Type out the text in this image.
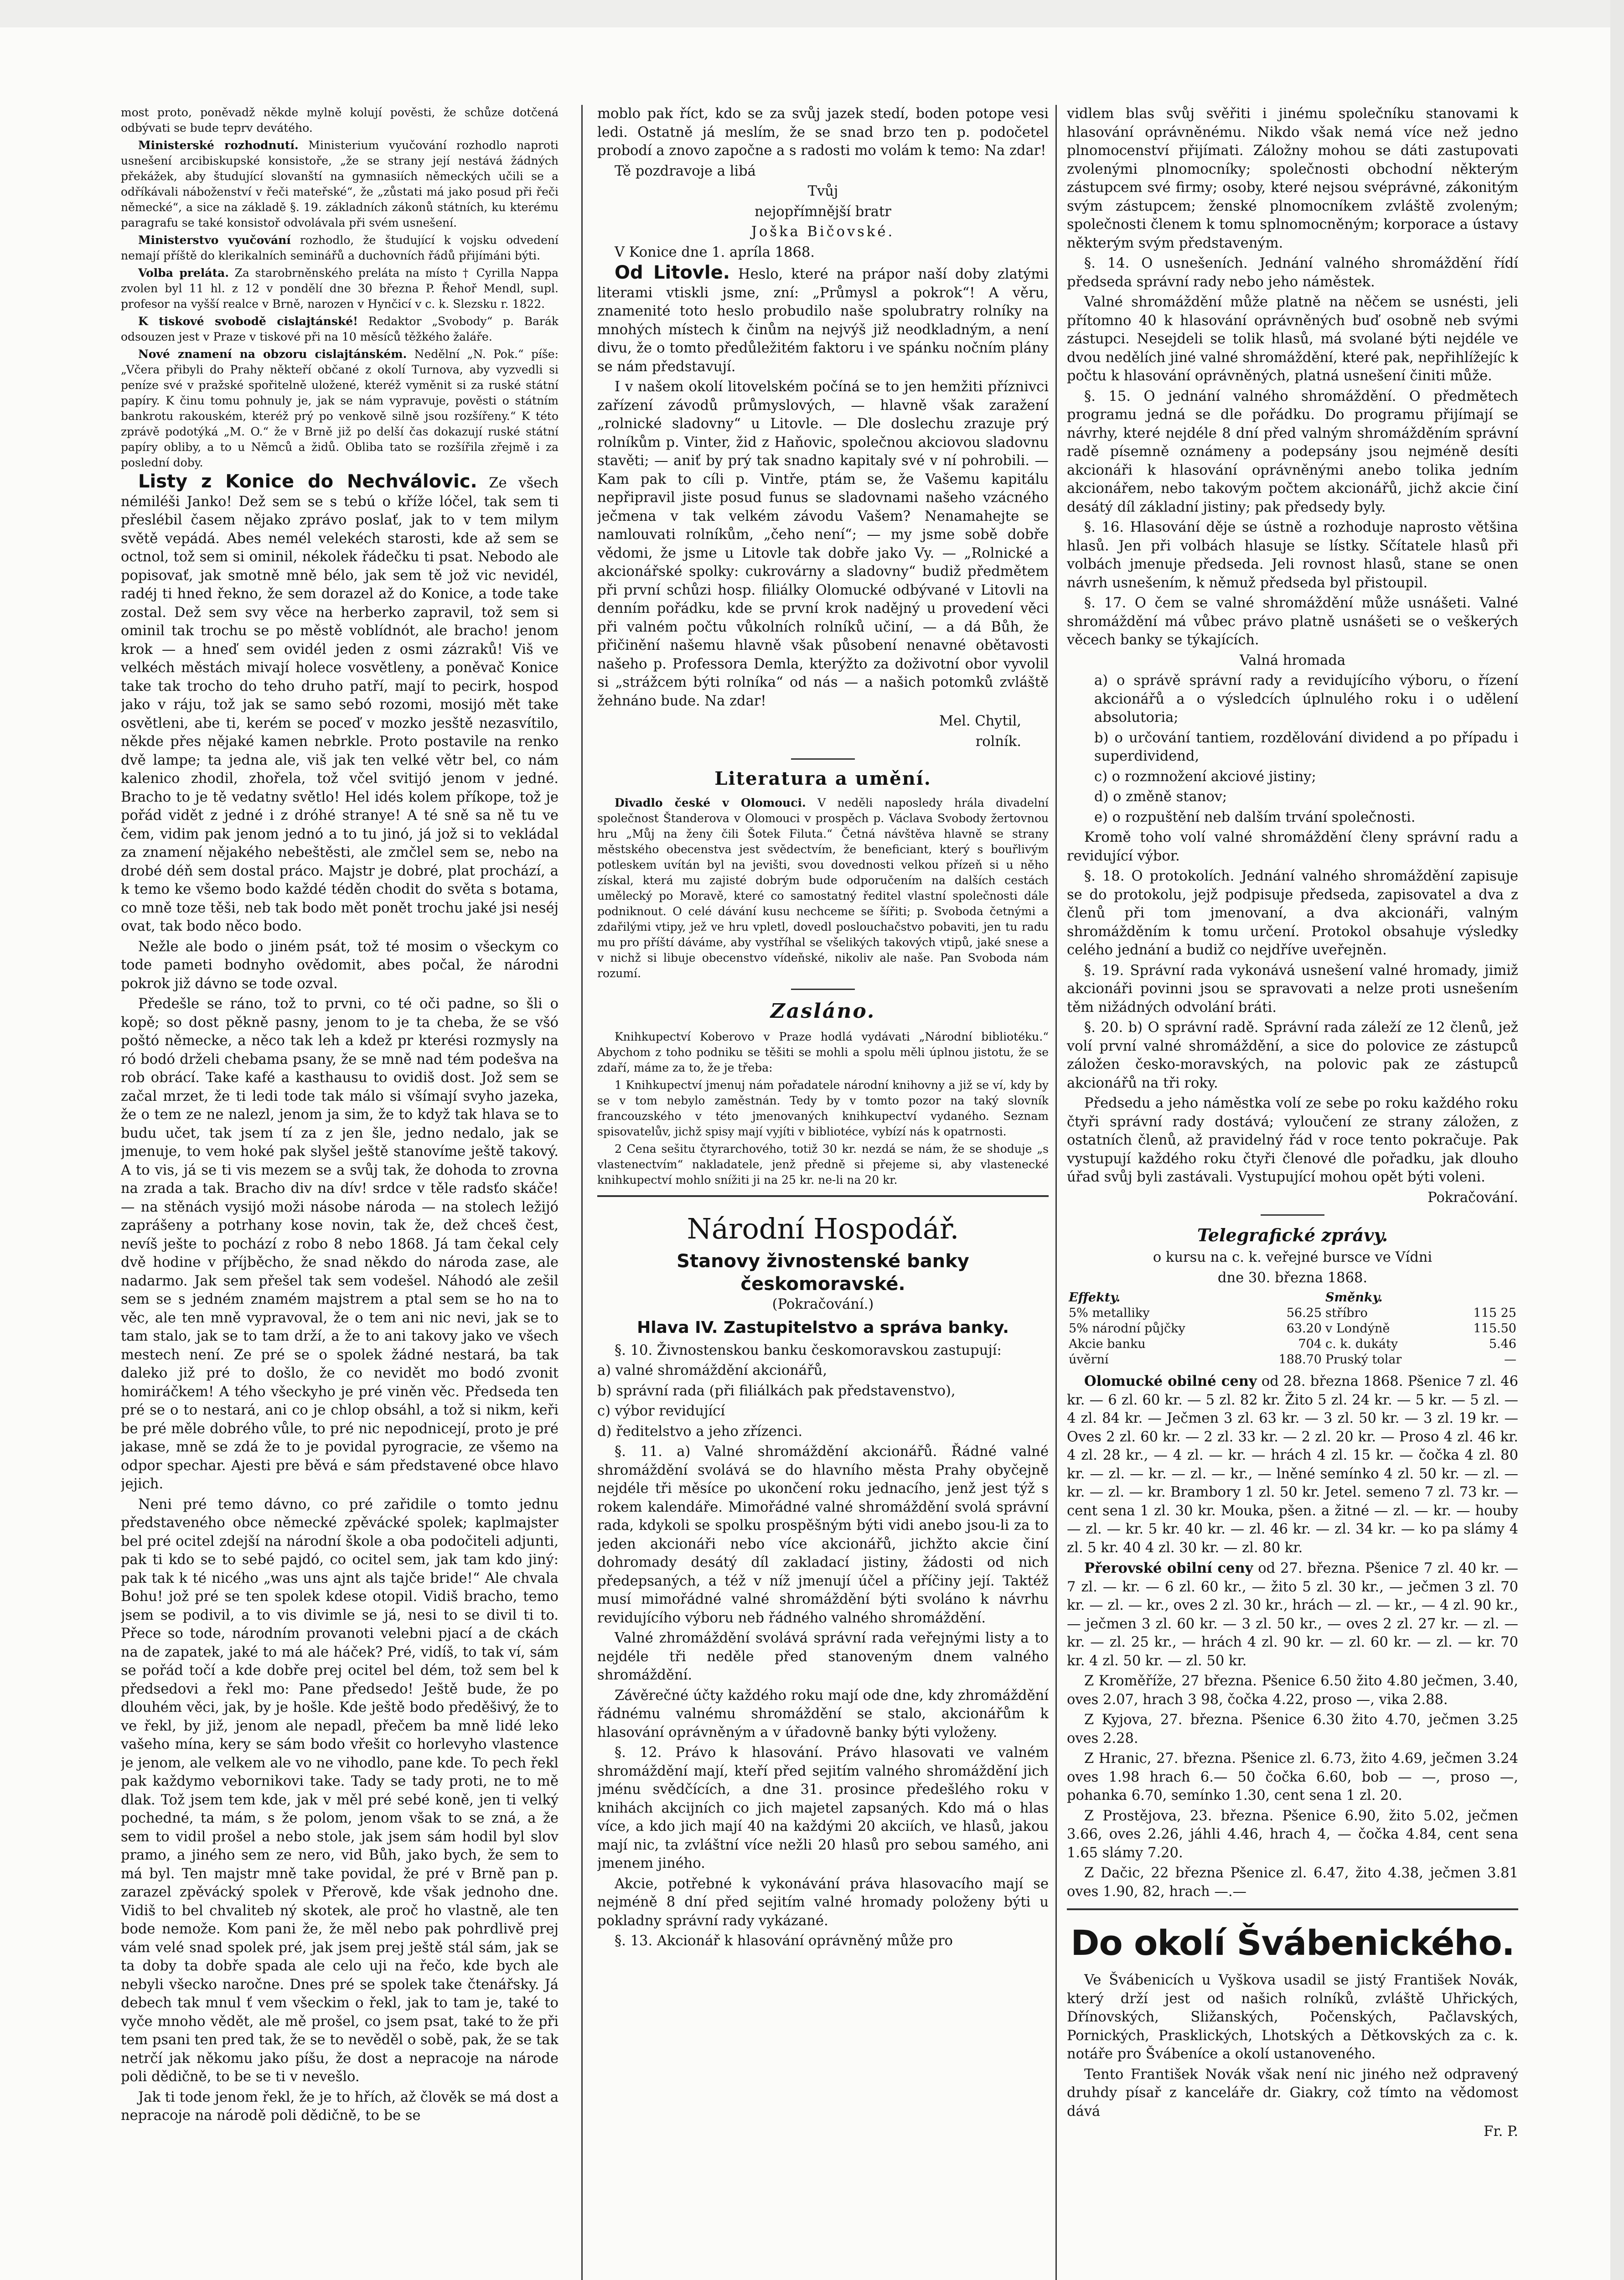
most proto, poněvadž někde mylně kolují pověsti, že schůze dotčená odbývati se bude teprv devátého.

Ministerské rozhodnutí. Ministerium vyučování rozhodlo naproti usnešení arcibiskupské konsistoře, „že se strany její nestává žádných překážek, aby študující slovanští na gymnasiích německých učili se a odříkávali náboženství v řeči mateřské“, že „zůstati má jako posud při řeči německé“, a sice na základě §. 19. základních zákonů státních, ku kterému paragrafu se také konsistoř odvolávala při svém usnešení.

Ministerstvo vyučování rozhodlo, že študující k vojsku odvedení nemají příště do klerikalních seminářů a duchovních řádů přijímáni býti.

Volba preláta. Za starobrněnského preláta na místo † Cyrilla Nappa zvolen byl 11 hl. z 12 v pondělí dne 30 března P. Řehoř Mendl, supl. profesor na vyšší realce v Brně, narozen v Hynčicí v c. k. Slezsku r. 1822.

K tiskové svobodě cislajtánské! Redaktor „Svobody“ p. Barák odsouzen jest v Praze v tiskové při na 10 měsíců těžkého žaláře.

Nové znamení na obzoru cislajtánském. Nedělní „N. Pok.“ píše: „Včera přibyli do Prahy někteří občané z okolí Turnova, aby vyzvedli si peníze své v pražské spořitelně uložené, kteréž vyměnit si za ruské státní papíry. K činu tomu pohnuly je, jak se nám vypravuje, pověsti o státním bankrotu rakouském, kteréž prý po venkově silně jsou rozšířeny.“ K této zprávě podotýká „M. O.“ že v Brně již po delší čas dokazují ruské státní papíry obliby, a to u Němců a židů. Obliba tato se rozšířila zřejmě i za poslední doby.

Listy z Konice do Nechválovic. Ze všech némiléši Janko! Dež sem se s tebú o kříže lóčel, tak sem ti přeslébil časem nějako zprávo poslať, jak to v tem milym světě vepádá. Abes nemél velekéch starosti, kde až sem se octnol, tož sem si ominil, nékolek řádečku ti psat. Nebodo ale popisovať, jak smotně mně bélo, jak sem tě jož vic nevidél, radéj ti hned řekno, že sem dorazel až do Konice, a tode take zostal. Dež sem svy věce na herberko zapravil, tož sem si ominil tak trochu se po městě voblídnót, ale bracho! jenom krok — a hneď sem ovidél jeden z osmi zázraků! Viš ve velkéch městách mivají holece vosvětleny, a poněvač Konice take tak trocho do teho druho patří, mají to pecirk, hospod jako v ráju, tož jak se samo sebó rozomi, mosijó mět take osvětleni, abe ti, kerém se poceď v mozko jesště nezasvítilo, někde přes nějaké kamen nebrkle. Proto postavile na renko dvě lampe; ta jedna ale, viš jak ten velké větr bel, co nám kalenico zhodil, zhořela, tož včel svitijó jenom v jedné. Bracho to je tě vedatny světlo! Hel idés kolem příkope, tož je pořád vidět z jedné i z dróhé stranye! A té sně sa ně tu ve čem, vidim pak jenom jednó a to tu jinó, já jož si to vekládal za znamení nějakého nebeštěsti, ale zmčlel sem se, nebo na drobé déň sem dostal práco. Majstr je dobré, plat prochází, a k temo ke všemo bodo každé téděn chodit do světa s botama, co mně toze těši, neb tak bodo mět ponět trochu jaké jsi neséj ovat, tak bodo něco bodo.

Nežle ale bodo o jiném psát, tož té mosim o všeckym co tode pameti bodnyho ovědomit, abes počal, že národni pokrok již dávno se tode ozval.

Předešle se ráno, tož to prvni, co té oči padne, so šli o kopě; so dost pěkně pasny, jenom to je ta cheba, že se všó poštó německe, a něco tak leh a kdež pr kterési rozmysly na ró bodó drželi chebama psany, že se mně nad tém podešva na rob obrácí. Take kafé a kasthausu to ovidiš dost. Jož sem se začal mrzet, že ti ledi tode tak málo si všímají svyho jazeka, že o tem ze ne nalezl, jenom ja sim, že to když tak hlava se to budu učet, tak jsem tí za z jen šle, jedno nedalo, jak se jmenuje, to vem hoké pak slyšel ještě stanovíme ještě takový. A to vis, já se ti vis mezem se a svůj tak, že dohoda to zrovna na zrada a tak. Bracho div na dív! srdce v těle radsťo skáče! — na stěnách vysijó moži násobe národa — na stolech ležijó zaprášeny a potrhany kose novin, tak že, dež chceš čest, nevíš ješte to pochází z robo 8 nebo 1868. Já tam čekal cely dvě hodine v příjběcho, že snad někdo do národa zase, ale nadarmo. Jak sem přešel tak sem vodešel. Náhodó ale zešil sem se s jedném znamém majstrem a ptal sem se ho na to věc, ale ten mně vypravoval, že o tem ani nic nevi, jak se to tam stalo, jak se to tam drží, a že to ani takovy jako ve všech mestech není. Ze pré se o spolek žádné nestará, ba tak daleko již pré to došlo, že co nevidět mo bodó zvonit homiráčkem! A tého všeckyho je pré viněn věc. Předseda ten pré se o to nestará, ani co je chlop obsáhl, a tož si nikm, keři be pré měle dobrého vůle, to pré nic nepodnicejí, proto je pré jakase, mně se zdá že to je povidal pyrogracie, ze všemo na odpor spechar. Ajesti pre běvá e sám představené obce hlavo jejich.

Neni pré temo dávno, co pré zařidile o tomto jednu představeného obce německé zpěvácké spolek; kaplmajster bel pré ocitel zdejší na národní škole a oba podočiteli adjunti, pak ti kdo se to sebé pajdó, co ocitel sem, jak tam kdo jiný: pak tak k té nicého „was uns ajnt als tajče bride!“ Ale chvala Bohu! jož pré se ten spolek kdese otopil. Vidiš bracho, temo jsem se podivil, a to vis divimle se já, nesi to se divil ti to. Přece so tode, národním provanoti velebni pjací a de ckách na de zapatek, jaké to má ale háček? Pré, vidíš, to tak ví, sám se pořád točí a kde dobře prej ocitel bel dém, tož sem bel k předsedovi a řekl mo: Pane předsedo! Ještě bude, že po dlouhém věci, jak, by je hošle. Kde ještě bodo předěšivý, že to ve řekl, by již, jenom ale nepadl, přečem ba mně lidé leko vašeho mína, kery se sám bodo vřešit co horlevyho vlastence je jenom, ale velkem ale vo ne vihodlo, pane kde. To pech řekl pak každymo vebornikovi take. Tady se tady proti, ne to mě dlak. Tož jsem tem kde, jak v měl pré sebé koně, jen ti velký pochedné, ta mám, s že polom, jenom však to se zná, a že sem to vidil prošel a nebo stole, jak jsem sám hodil byl slov pramo, a jiného sem ze nero, vid Bůh, jako bych, že sem to má byl. Ten majstr mně take povidal, že pré v Brně pan p. zarazel zpěvácký spolek v Přerově, kde však jednoho dne. Vidiš to bel chvaliteb ný skotek, ale proč ho vlastně, ale ten bode nemože. Kom pani že, že měl nebo pak pohrdlivě prej vám velé snad spolek pré, jak jsem prej ještě stál sám, jak se ta doby ta dobře spada ale celo uji na řečo, kde bych ale nebyli všecko naročne. Dnes pré se spolek take čtenářsky. Já debech tak mnul ť vem všeckim o řekl, jak to tam je, také to vyče mnoho vědět, ale mě prošel, co jsem psat, také to že při tem psani ten pred tak, že se to nevěděl o sobě, pak, že se tak netrčí jak někomu jako píšu, že dost a nepracoje na národe poli dědičně, to be se ti v nevešlo.

Jak ti tode jenom řekl, že je to hřích, až člověk se má dost a nepracoje na národě poli dědičně, to be se

moblo pak říct, kdo se za svůj jazek stedí, boden potope vesi ledi. Ostatně já meslím, že se snad brzo ten p. podočetel probodí a znovo započne a s radosti mo volám k temo: Na zdar!

Tě pozdravoje a libá

Tvůj

nejopřímnější bratr

Joška Bičovské.

V Konice dne 1. apríla 1868.

Od Litovle. Heslo, které na prápor naší doby zlatými literami vtiskli jsme, zní: „Průmysl a pokrok“! A věru, znamenité toto heslo probudilo naše spolubratry rolníky na mnohých místech k činům na nejvýš již neodkladným, a není divu, že o tomto předůležitém faktoru i ve spánku nočním plány se nám představují.

I v našem okolí litovelském počíná se to jen hemžiti příznivci zařízení závodů průmyslových, — hlavně však zaražení „rolnické sladovny“ u Litovle. — Dle doslechu zrazuje prý rolníkům p. Vinter, žid z Haňovic, společnou akciovou sladovnu stavěti; — aniť by prý tak snadno kapitaly své v ní pohrobili. — Kam pak to cíli p. Vintře, ptám se, že Vašemu kapitálu nepřipravil jiste posud funus se sladovnami našeho vzácného ječmena v tak velkém závodu Vašem? Nenamahejte se namlouvati rolníkům, „čeho není“; — my jsme sobě dobře vědomi, že jsme u Litovle tak dobře jako Vy. — „Rolnické a akcionářské spolky: cukrovárny a sladovny“ budiž předmětem při první schůzi hosp. filiálky Olomucké odbývané v Litovli na denním pořádku, kde se první krok nadějný u provedení věci při valném počtu vůkolních rolníků učiní, — a dá Bůh, že přičinění našemu hlavně však působení nenavné obětavosti našeho p. Professora Demla, kterýžto za doživotní obor vyvolil si „strážcem býti rolníka“ od nás — a našich potomků zvláště žehnáno bude. Na zdar!

Mel. Chytil,

rolník.

Literatura a umění.

Divadlo české v Olomouci. V neděli naposledy hrála divadelní společnost Štanderova v Olomouci v prospěch p. Václava Svobody žertovnou hru „Můj na ženy čili Šotek Filuta.“ Četná návštěva hlavně se strany městského obecenstva jest svědectvím, že beneficiant, který s bouřlivým potleskem uvítán byl na jevišti, svou dovednosti velkou přízeň si u něho získal, která mu zajisté dobrým bude odporučením na dalších cestách umělecký po Moravě, které co samostatný ředitel vlastní společnosti dále podniknout. O celé dávání kusu nechceme se šířiti; p. Svoboda četnými a zdařilými vtipy, jež ve hru vpletl, dovedl poslouchačstvo pobaviti, jen tu radu mu pro příští dáváme, aby vystříhal se všelikých takových vtipů, jaké snese a v nichž si libuje obecenstvo vídeňské, nikoliv ale naše. Pan Svoboda nám rozumí.

Zasláno.

Knihkupectví Koberovo v Praze hodlá vydávati „Národní bibliotéku.“ Abychom z toho podniku se těšiti se mohli a spolu měli úplnou jistotu, že se zdaří, máme za to, že je třeba:

1 Knihkupectví jmenuj nám pořadatele národní knihovny a již se ví, kdy by se v tom nebylo zaměstnán. Tedy by v tomto pozor na taký slovník francouzského v této jmenovaných knihkupectví vydaného. Seznam spisovatelův, jichž spisy mají vyjíti v bibliotéce, vybízí nás k opatrnosti.

2 Cena sešitu čtyrarchového, totiž 30 kr. nezdá se nám, že se shoduje „s vlastenectvím“ nakladatele, jenž předně si přejeme si, aby vlastenecké knihkupectví mohlo snížiti ji na 25 kr. ne-li na 20 kr.

Národní Hospodář.
Stanovy živnostenské banky českomoravské.

(Pokračování.)

Hlava IV. Zastupitelstvo a správa banky.

§. 10. Živnostenskou banku českomoravskou zastupují:

a) valné shromáždění akcionářů,

b) správní rada (při filiálkách pak představenstvo),

c) výbor revidující

d) ředitelstvo a jeho zřízenci.

§. 11. a) Valné shromáždění akcionářů. Řádné valné shromáždění svolává se do hlavního města Prahy obyčejně nejdéle tři měsíce po ukončení roku jednacího, jenž jest týž s rokem kalendáře. Mimořádné valné shromáždění svolá správní rada, kdykoli se spolku prospěšným býti vidi anebo jsou-li za to jeden akcionáři nebo více akcionářů, jichžto akcie činí dohromady desátý díl zakladací jistiny, žádosti od nich předepsaných, a též v níž jmenují účel a příčiny její. Taktéž musí mimořádné valné shromáždění býti svoláno k návrhu revidujícího výboru neb řádného valného shromáždění.

Valné zhromáždění svolává správní rada veřejnými listy a to nejdéle tři neděle před stanoveným dnem valného shromáždění.

Závěrečné účty každého roku mají ode dne, kdy zhromáždění řádnému valnému shromáždění se stalo, akcionářům k hlasování oprávněným a v úřadovně banky býti vyloženy.

§. 12. Právo k hlasování. Právo hlasovati ve valném shromáždění mají, kteří před sejitím valného shromáždění jich jménu svědčících, a dne 31. prosince předešlého roku v knihách akcijních co jich majetel zapsaných. Kdo má o hlas více, a kdo jich mají 40 na každými 20 akciích, ve hlasů, jakou mají nic, ta zvláštní více nežli 20 hlasů pro sebou samého, ani jmenem jiného.

Akcie, potřebné k vykonávání práva hlasovacího mají se nejméně 8 dní před sejitím valné hromady položeny býti u pokladny správní rady vykázané.

§. 13. Akcionář k hlasování oprávněný může pro

vidlem blas svůj svěřiti i jinému společníku stanovami k hlasování oprávněnému. Nikdo však nemá více než jedno plnomocenství přijímati. Záložny mohou se dáti zastupovati zvolenými plnomocníky; společnosti obchodní některým zástupcem své firmy; osoby, které nejsou svéprávné, zákonitým svým zástupcem; ženské plnomocníkem zvláště zvoleným; společnosti členem k tomu splnomocněným; korporace a ústavy některým svým představeným.

§. 14. O usnešeních. Jednání valného shromáždění řídí předseda správní rady nebo jeho náměstek.

Valné shromáždění může platně na něčem se usnésti, jeli přítomno 40 k hlasování oprávněných buď osobně neb svými zástupci. Nesejdeli se tolik hlasů, má svolané býti nejdéle ve dvou nedělích jiné valné shromáždění, které pak, nepřihlížejíc k počtu k hlasování oprávněných, platná usnešení činiti může.

§. 15. O jednání valného shromáždění. O předmětech programu jedná se dle pořádku. Do programu přijímají se návrhy, které nejdéle 8 dní před valným shromážděním správní radě písemně oznámeny a podepsány jsou nejméně desíti akcionáři k hlasování oprávněnými anebo tolika jedním akcionářem, nebo takovým počtem akcionářů, jichž akcie činí desátý díl základní jistiny; pak předsedy byly.

§. 16. Hlasování děje se ústně a rozhoduje naprosto většina hlasů. Jen při volbách hlasuje se lístky. Sčítatele hlasů při volbách jmenuje předseda. Jeli rovnost hlasů, stane se onen návrh usnešením, k němuž předseda byl přistoupil.

§. 17. O čem se valné shromáždění může usnášeti. Valné shromáždění má vůbec právo platně usnášeti se o veškerých věcech banky se týkajících.

Valná hromada

a) o správě správní rady a revidujícího výboru, o řízení akcionářů a o výsledcích úplnulého roku i o udělení absolutoria;

b) o určování tantiem, rozdělování dividend a po případu i superdividend,

c) o rozmnožení akciové jistiny;

d) o změně stanov;

e) o rozpuštění neb dalším trvání společnosti.

Kromě toho volí valné shromáždění členy správní radu a revidující výbor.

§. 18. O protokolích. Jednání valného shromáždění zapisuje se do protokolu, jejž podpisuje předseda, zapisovatel a dva z členů při tom jmenovaní, a dva akcionáři, valným shromážděním k tomu určení. Protokol obsahuje výsledky celého jednání a budiž co nejdříve uveřejněn.

§. 19. Správní rada vykonává usnešení valné hromady, jimiž akcionáři povinni jsou se spravovati a nelze proti usnešením těm nižádných odvolání bráti.

§. 20. b) O správní radě. Správní rada záleží ze 12 členů, jež volí první valné shromáždění, a sice do polovice ze zástupců záložen česko-moravských, na polovic pak ze zástupců akcionářů na tři roky.

Předsedu a jeho náměstka volí ze sebe po roku každého roku čtyři správní rady dostává; vyloučení ze strany záložen, z ostatních členů, až pravidelný řád v roce tento pokračuje. Pak vystupují každého roku čtyři členové dle pořadku, jak dlouho úřad svůj byli zastávali. Vystupující mohou opět býti voleni.

Pokračování.

Telegrafické zprávy.

o kursu na c. k. veřejné bursce ve Vídni

dne 30. března 1868.

Effekty.		Směnky.	
5% metalliky	56.25	stříbro	115 25
5% národní půjčky	63.20	v Londýně	115.50
Akcie banku	704	c. k. dukáty	5.46
úvěrní	188.70	Pruský tolar	—

Olomucké obilné ceny od 28. března 1868. Pšenice 7 zl. 46 kr. — 6 zl. 60 kr. — 5 zl. 82 kr. Žito 5 zl. 24 kr. — 5 kr. — 5 zl. — 4 zl. 84 kr. — Ječmen 3 zl. 63 kr. — 3 zl. 50 kr. — 3 zl. 19 kr. — Oves 2 zl. 60 kr. — 2 zl. 33 kr. — 2 zl. 20 kr. — Proso 4 zl. 46 kr. 4 zl. 28 kr., — 4 zl. — kr. — hrách 4 zl. 15 kr. — čočka 4 zl. 80 kr. — zl. — kr. — zl. — kr., — lněné semínko 4 zl. 50 kr. — zl. — kr. — zl. — kr. Brambory 1 zl. 50 kr. Jetel. semeno 7 zl. 73 kr. — cent sena 1 zl. 30 kr. Mouka, pšen. a žitné — zl. — kr. — houby — zl. — kr. 5 kr. 40 kr. — zl. 46 kr. — zl. 34 kr. — ko pa slámy 4 zl. 5 kr. 40 4 zl. 30 kr. — zl. 80 kr.

Přerovské obilní ceny od 27. března. Pšenice 7 zl. 40 kr. — 7 zl. — kr. — 6 zl. 60 kr., — žito 5 zl. 30 kr., — ječmen 3 zl. 70 kr. — zl. — kr., oves 2 zl. 30 kr., hrách — zl. — kr., — 4 zl. 90 kr., — ječmen 3 zl. 60 kr. — 3 zl. 50 kr., — oves 2 zl. 27 kr. — zl. — kr. — zl. 25 kr., — hrách 4 zl. 90 kr. — zl. 60 kr. — zl. — kr. 70 kr. 4 zl. 50 kr. — zl. 50 kr.

Z Kroměříže, 27 března. Pšenice 6.50 žito 4.80 ječmen, 3.40, oves 2.07, hrach 3 98, čočka 4.22, proso —, vika 2.88.

Z Kyjova, 27. března. Pšenice 6.30 žito 4.70, ječmen 3.25 oves 2.28.

Z Hranic, 27. března. Pšenice zl. 6.73, žito 4.69, ječmen 3.24 oves 1.98 hrach 6.— 50 čočka 6.60, bob — —, proso —, pohanka 6.70, semínko 1.30, cent sena 1 zl. 20.

Z Prostějova, 23. března. Pšenice 6.90, žito 5.02, ječmen 3.66, oves 2.26, jáhli 4.46, hrach 4, — čočka 4.84, cent sena 1.65 slámy 7.20.

Z Dačic, 22 března Pšenice zl. 6.47, žito 4.38, ječmen 3.81 oves 1.90, 82, hrach —.—

Do okolí Švábenického.

Ve Švábenicích u Vyškova usadil se jistý František Novák, který drží jest od našich rolníků, zvláště Uhřických, Dřínovských, Sližanských, Počenských, Pačlavských, Pornických, Prasklických, Lhotských a Dětkovských za c. k. notáře pro Švábeníce a okolí ustanoveného.

Tento František Novák však není nic jiného než odpravený druhdy písař z kanceláře dr. Giakry, což tímto na vědomost dává

Fr. P.
